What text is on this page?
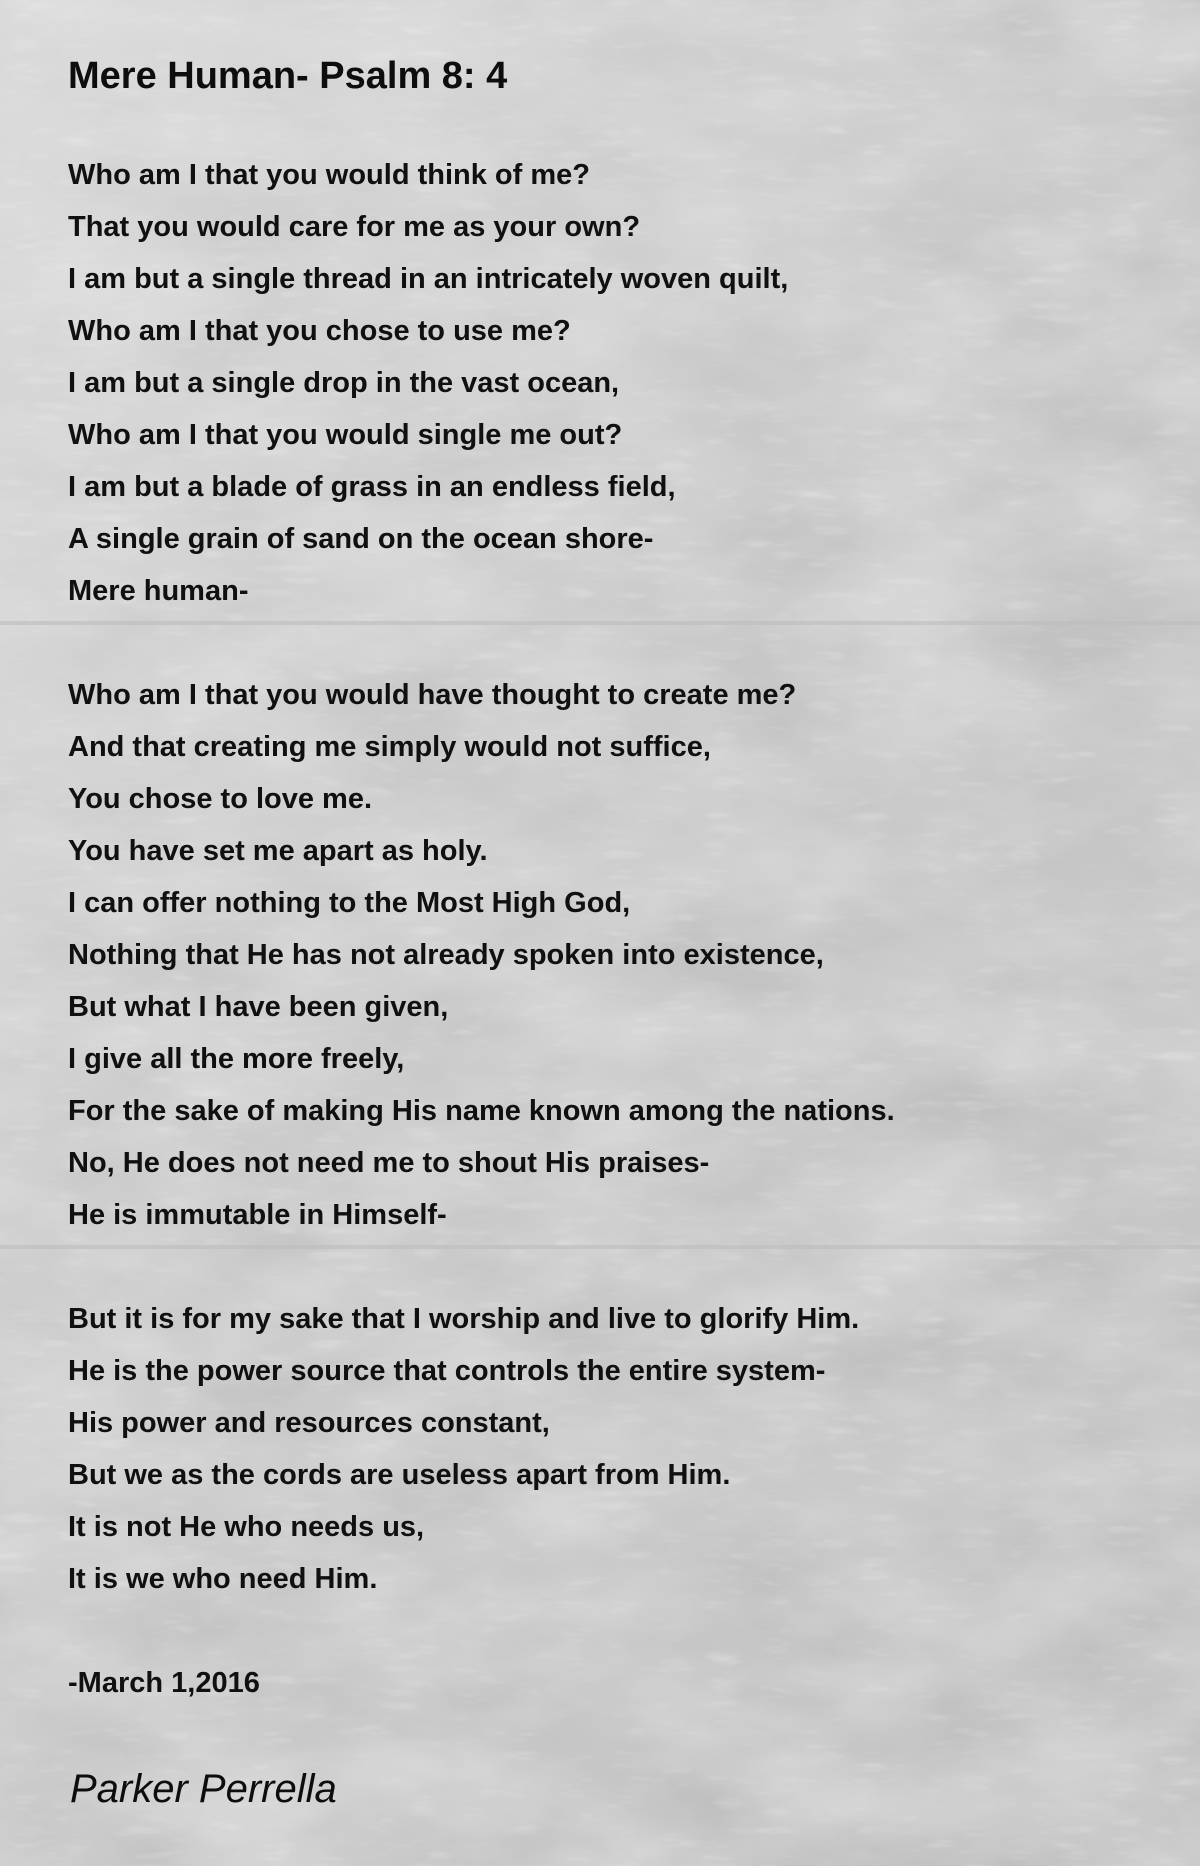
Mere Human- Psalm 8: 4
Who am I that you would think of me?
That you would care for me as your own?
I am but a single thread in an intricately woven quilt,
Who am I that you chose to use me?
I am but a single drop in the vast ocean,
Who am I that you would single me out?
I am but a blade of grass in an endless field,
A single grain of sand on the ocean shore-
Mere human-
Who am I that you would have thought to create me?
And that creating me simply would not suffice,
You chose to love me.
You have set me apart as holy.
I can offer nothing to the Most High God,
Nothing that He has not already spoken into existence,
But what I have been given,
I give all the more freely,
For the sake of making His name known among the nations.
No, He does not need me to shout His praises-
He is immutable in Himself-
But it is for my sake that I worship and live to glorify Him.
He is the power source that controls the entire system-
His power and resources constant,
But we as the cords are useless apart from Him.
It is not He who needs us,
It is we who need Him.
-March 1,2016

Parker Perrella
